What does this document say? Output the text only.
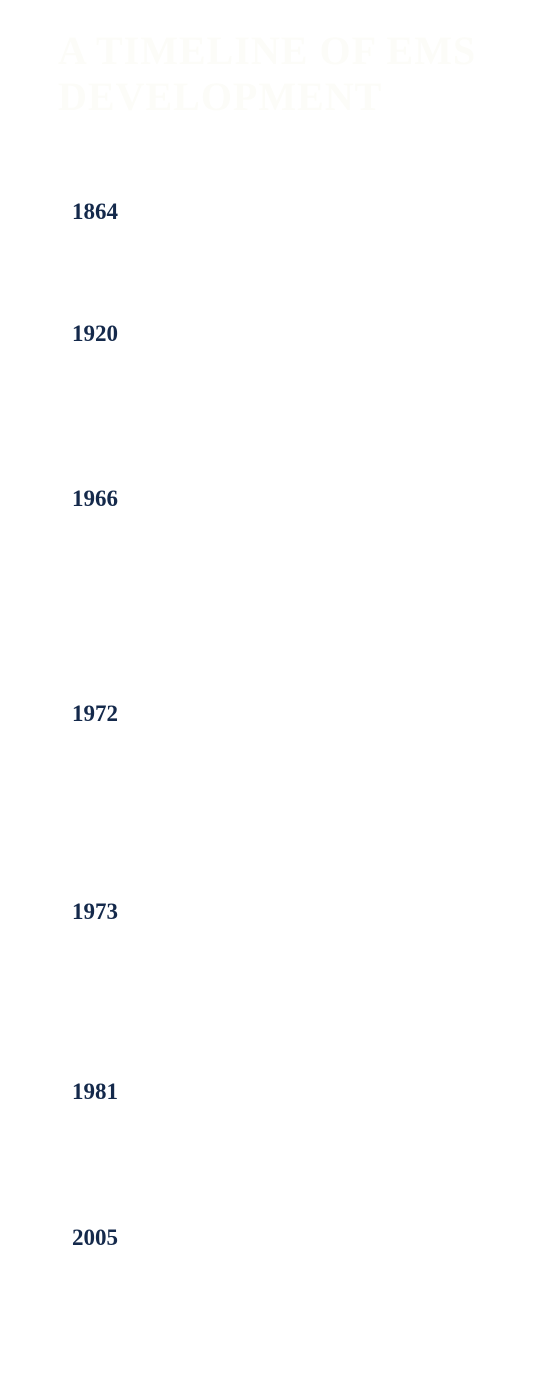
A TIMELINE OF EMS DEVELOPMENT
1864

1920

1966

1972

1973

1981

2005
